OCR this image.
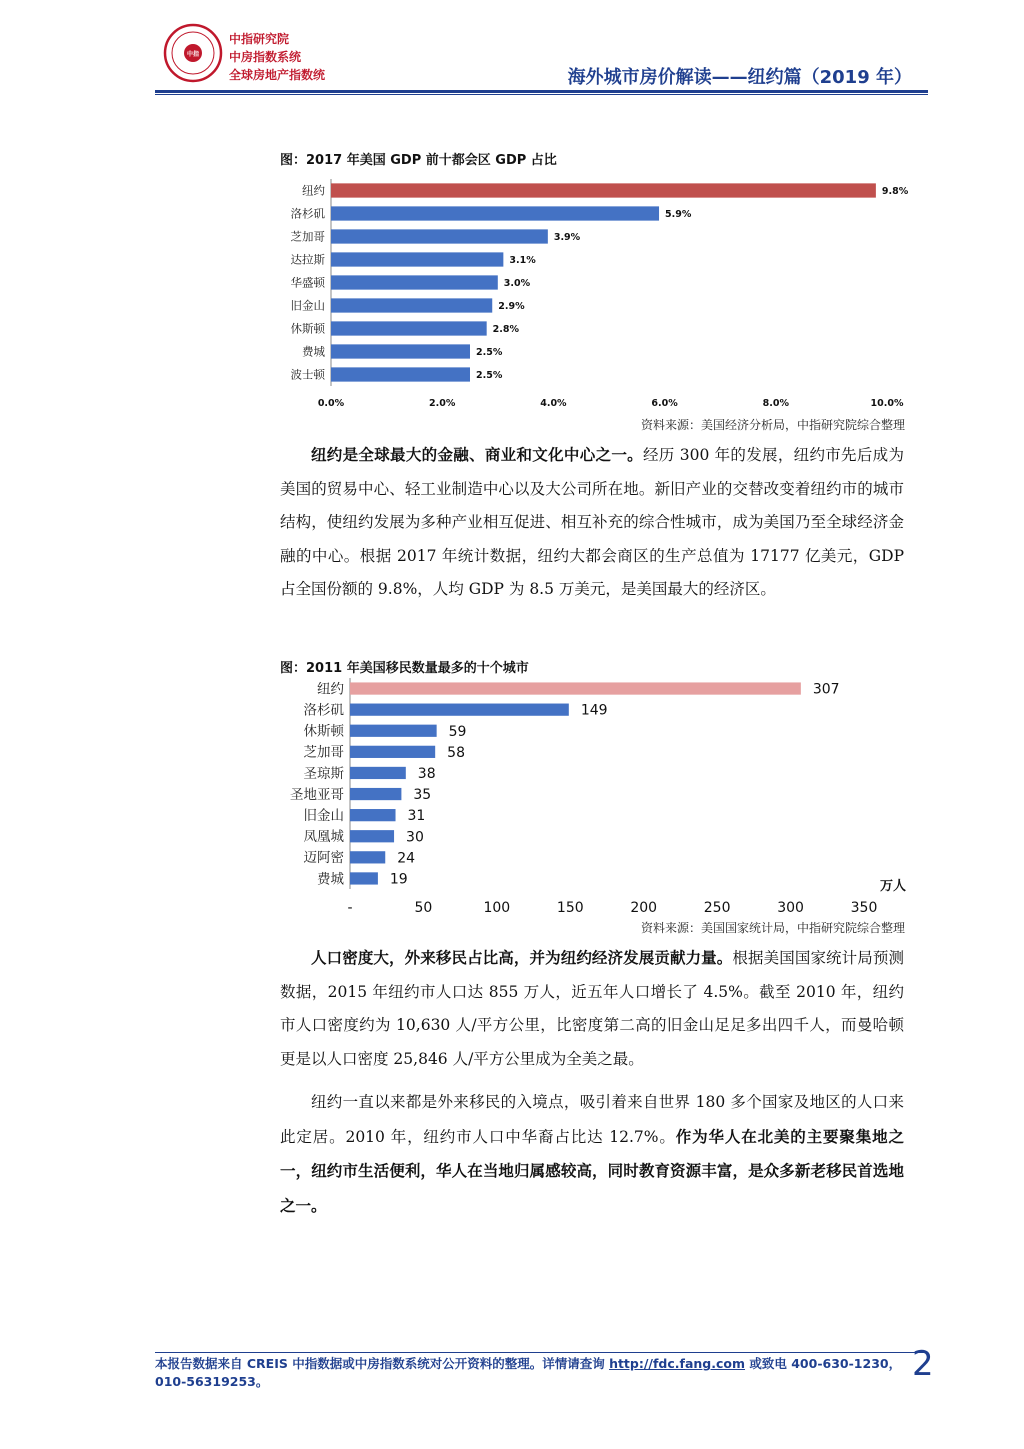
中指
中指研究院
中房指数系统
全球房地产指数统	海外城市房价解读——纽约篇（2019 年）
图：2017 年美国 GDP 前十都会区 GDP 占比
纽约	9.8%
洛杉矶	5.9%
芝加哥	3.9%
达拉斯	3.1%
华盛顿	3.0%
旧金山	2.9%
休斯顿	2.8%
费城	2.5%
波士顿	2.5%
0.0%	2.0%	4.0%	6.0%	8.0%	10.0%
资料来源：美国经济分析局，中指研究院综合整理

纽约是全球最大的金融、商业和文化中心之一。经历 300 年的发展，纽约市先后成为美国的贸易中心、轻工业制造中心以及大公司所在地。新旧产业的交替改变着纽约市的城市结构，使纽约发展为多种产业相互促进、相互补充的综合性城市，成为美国乃至全球经济金融的中心。根据 2017 年统计数据，纽约大都会商区的生产总值为 17177 亿美元，GDP 占全国份额的 9.8%，人均 GDP 为 8.5 万美元，是美国最大的经济区。

图：2011 年美国移民数量最多的十个城市
纽约	307
洛杉矶	149
休斯顿	59
芝加哥	58
圣琼斯	38
圣地亚哥	35
旧金山	31
凤凰城	30
迈阿密	24
费城	19
-	50	100	150	200	250	300	350
万人
资料来源：美国国家统计局，中指研究院综合整理

人口密度大，外来移民占比高，并为纽约经济发展贡献力量。根据美国国家统计局预测数据，2015 年纽约市人口达 855 万人，近五年人口增长了 4.5%。截至 2010 年，纽约市人口密度约为 10,630 人/平方公里，比密度第二高的旧金山足足多出四千人，而曼哈顿更是以人口密度 25,846 人/平方公里成为全美之最。

纽约一直以来都是外来移民的入境点，吸引着来自世界 180 多个国家及地区的人口来此定居。2010 年，纽约市人口中华裔占比达 12.7%。作为华人在北美的主要聚集地之一，纽约市生活便利，华人在当地归属感较高，同时教育资源丰富，是众多新老移民首选地之一。

本报告数据来自 CREIS 中指数据或中房指数系统对公开资料的整理。详情请查询 http://fdc.fang.com 或致电 400-630-1230，010-56319253。	2
